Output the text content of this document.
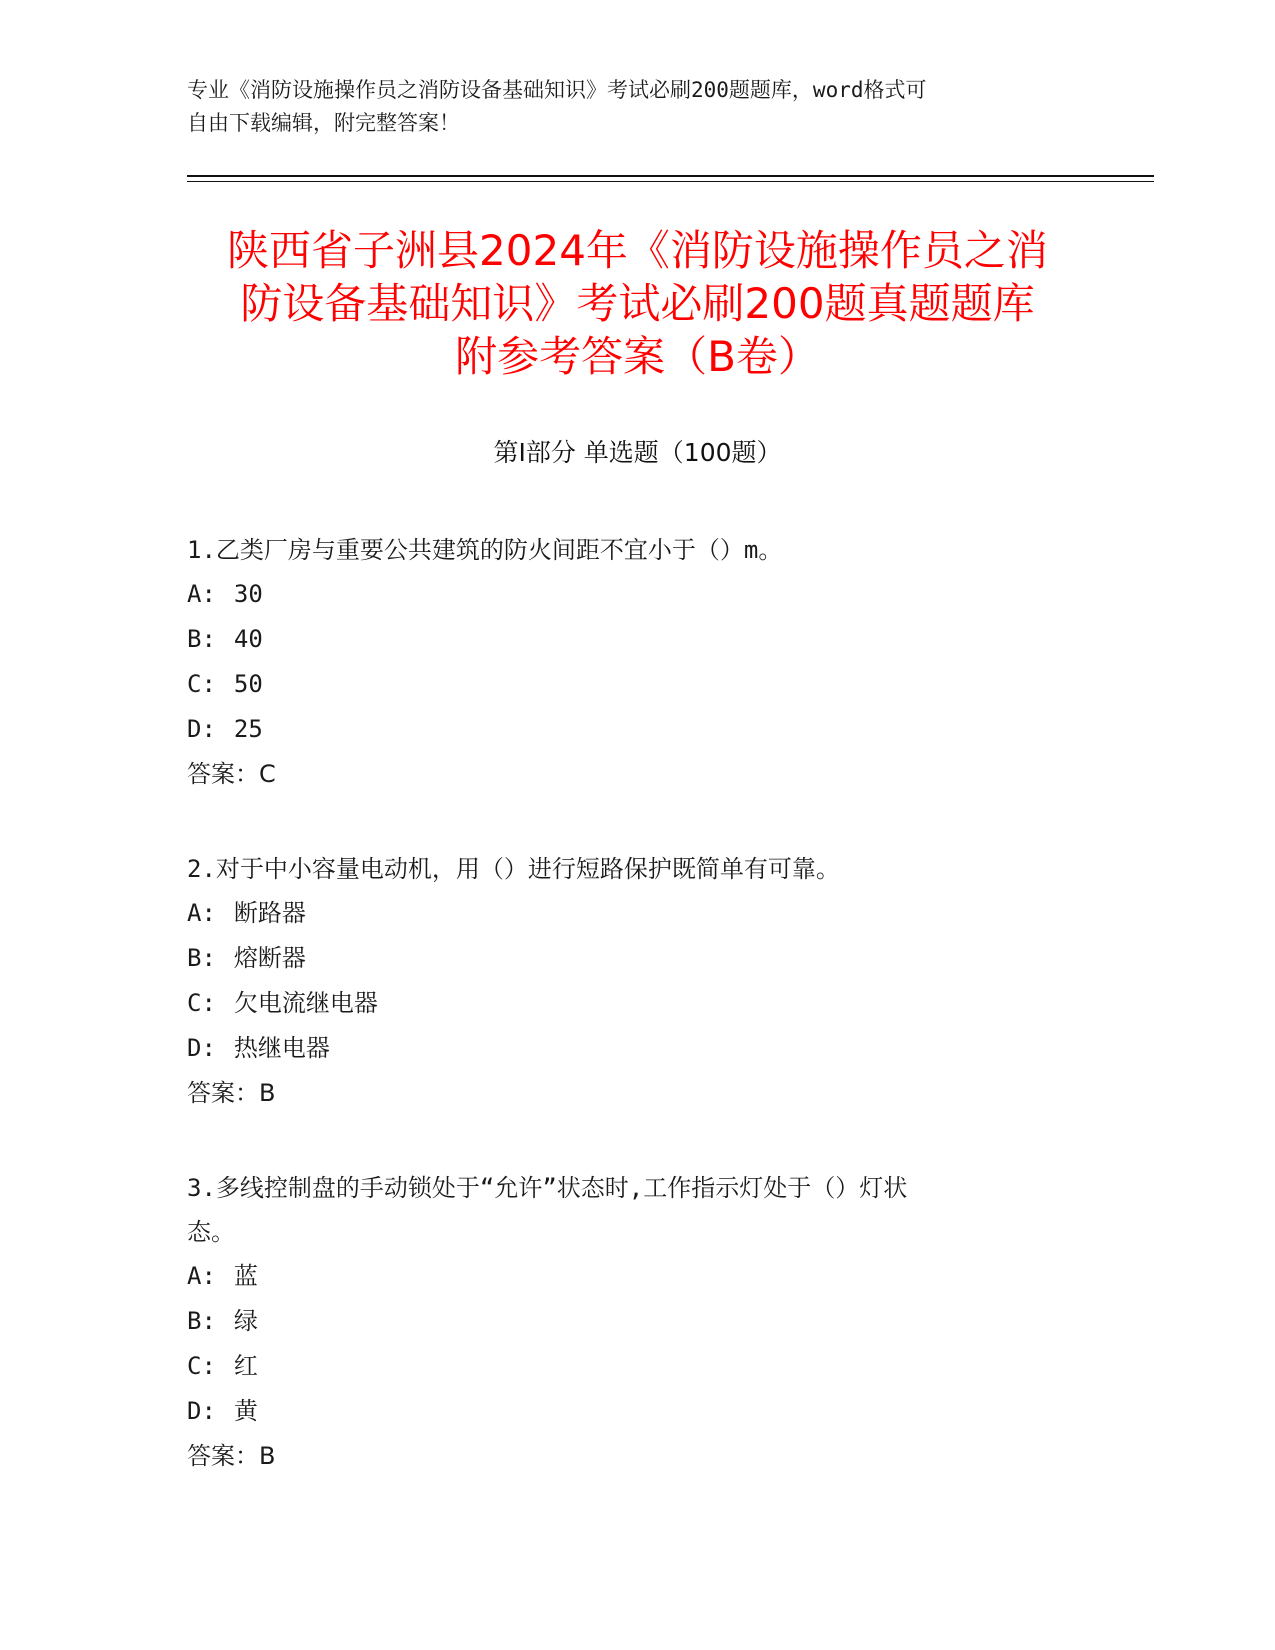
专业《消防设施操作员之消防设备基础知识》考试必刷200题题库，word格式可
自由下载编辑，附完整答案！
陕西省子洲县2024年《消防设施操作员之消
防设备基础知识》考试必刷200题真题题库
附参考答案（B卷）
第Ⅰ部分 单选题（100题）
1.乙类厂房与重要公共建筑的防火间距不宜小于（）m。
A: 30
B: 40
C: 50
D: 25
答案：C
2.对于中小容量电动机，用（）进行短路保护既简单有可靠。
A: 断路器
B: 熔断器
C: 欠电流继电器
D: 热继电器
答案：B
3.多线控制盘的手动锁处于“允许”状态时,工作指示灯处于（）灯状
态。
A: 蓝
B: 绿
C: 红
D: 黄
答案：B
